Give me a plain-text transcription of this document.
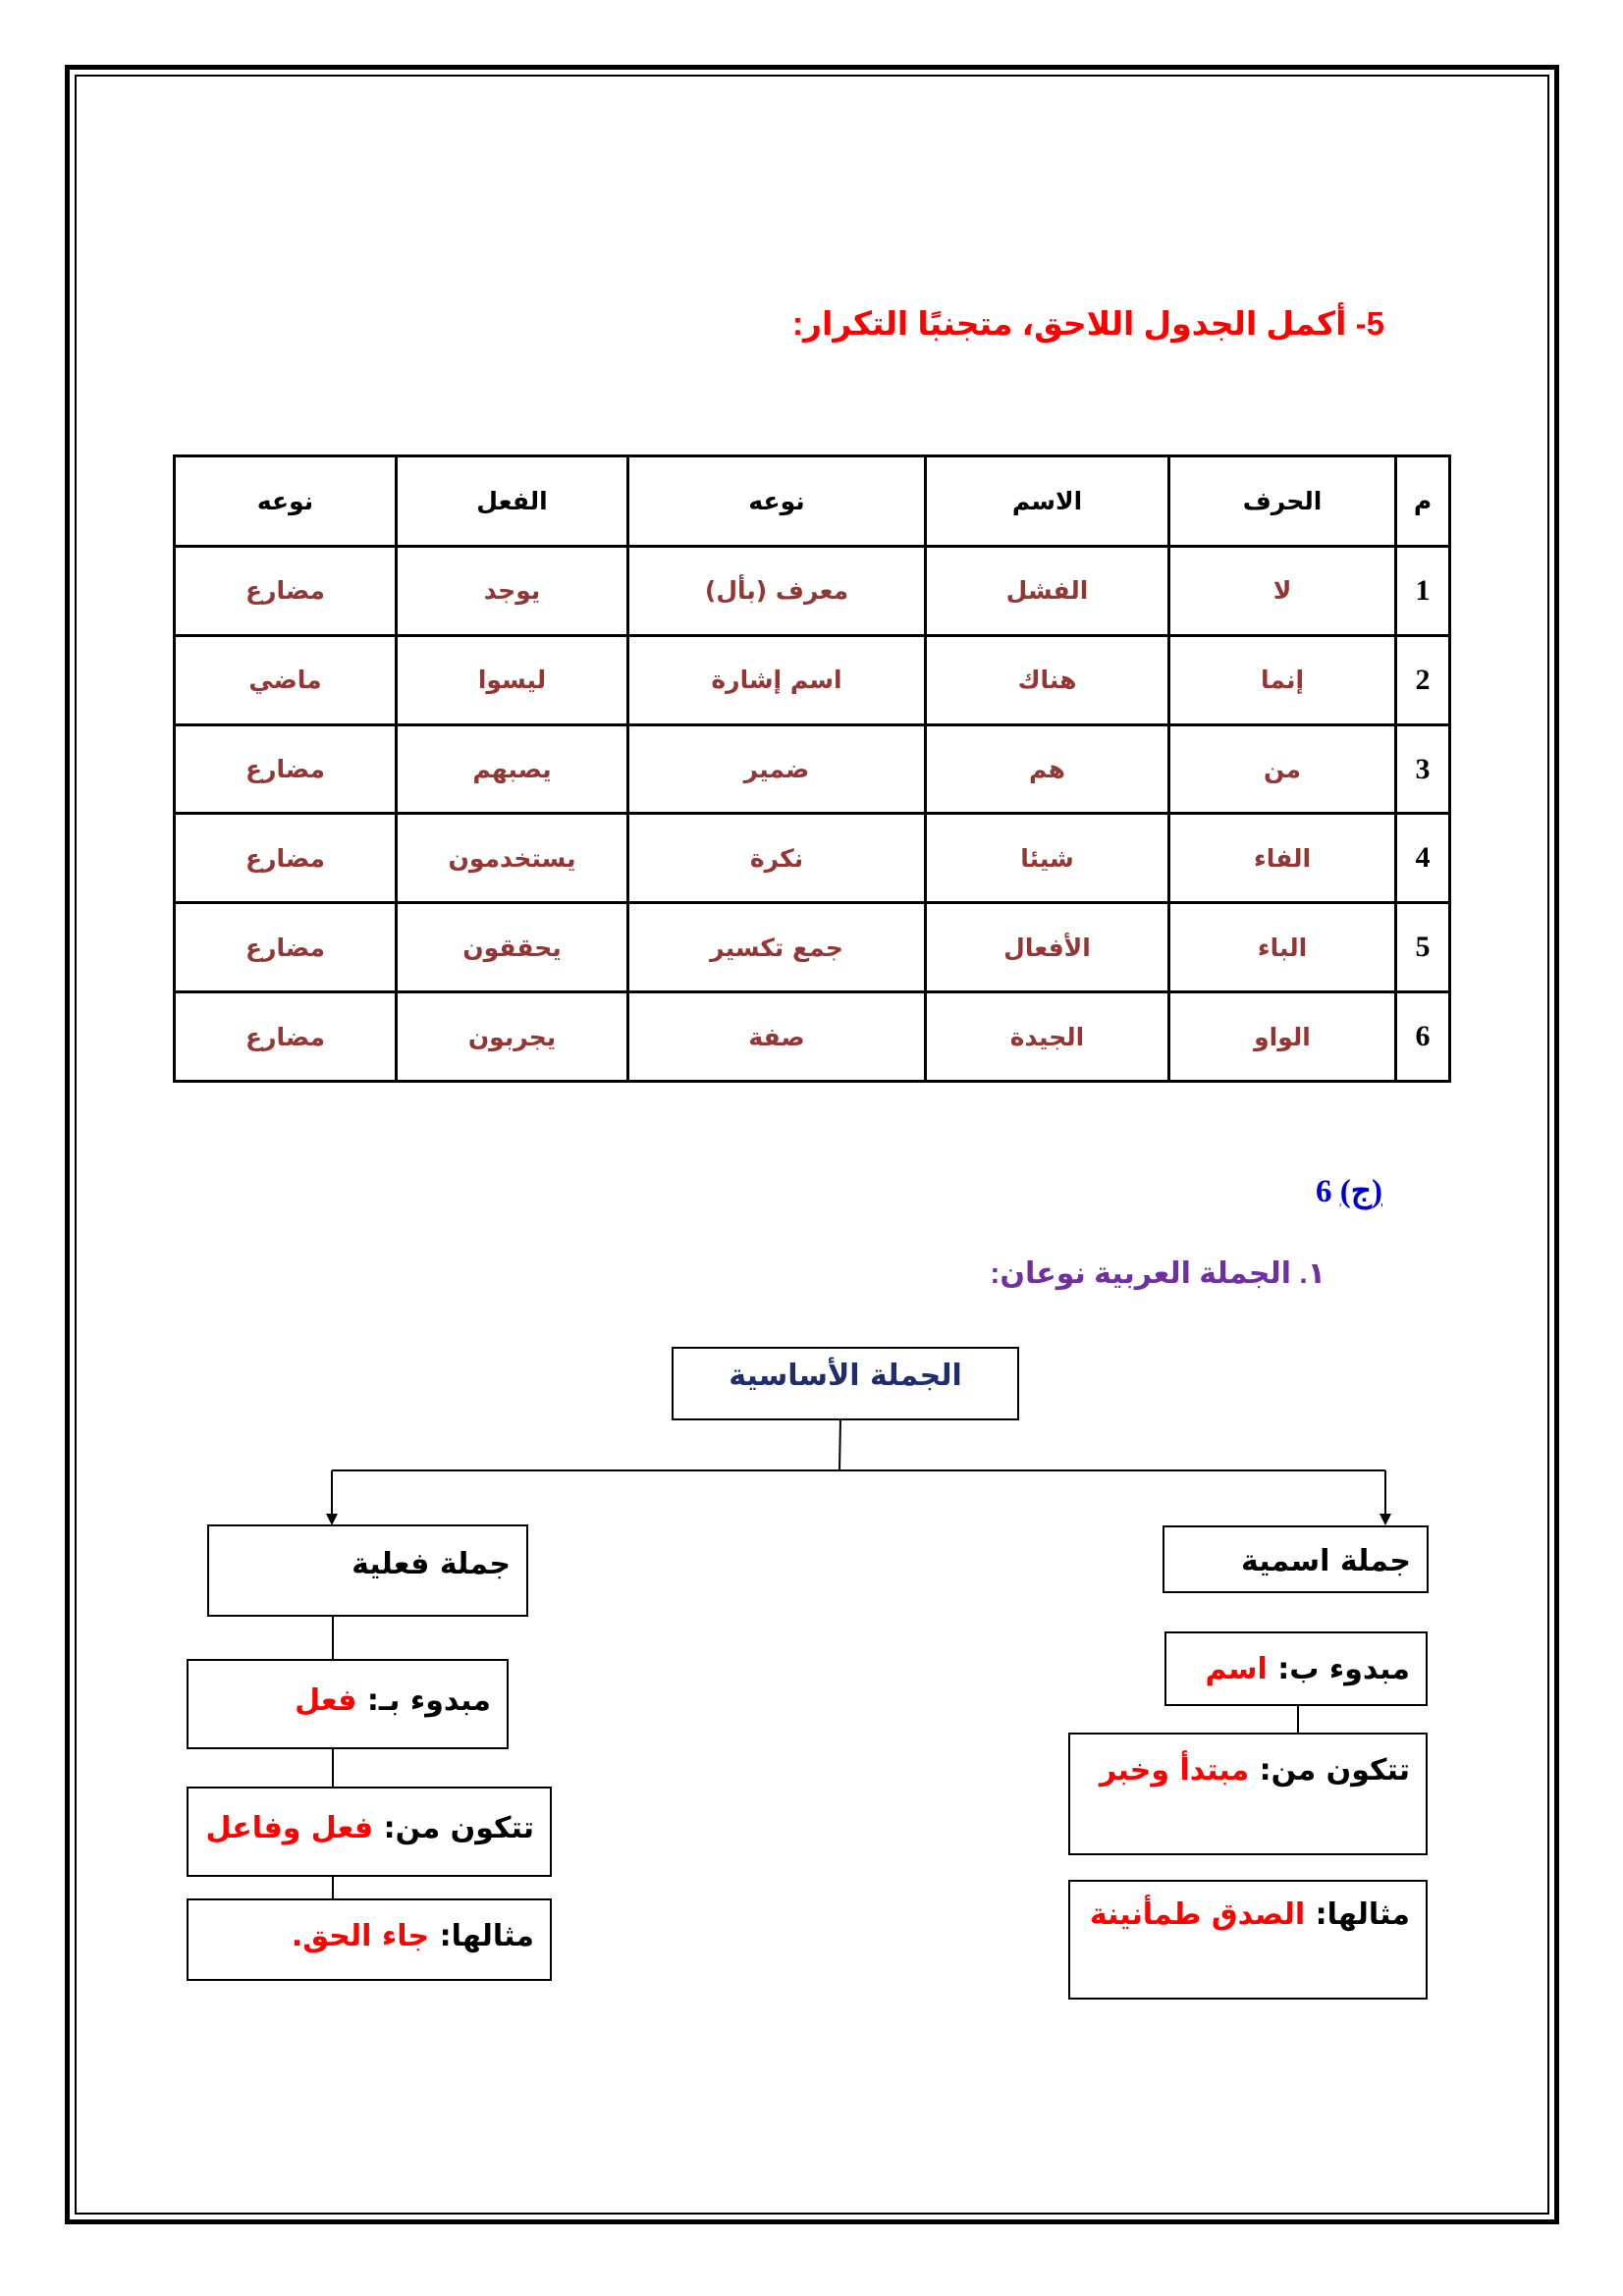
5- أكمل الجدول اللاحق، متجنبًا التكرار:
م	الحرف	الاسم	نوعه	الفعل	نوعه
1	لا	الفشل	معرف (بأل)	يوجد	مضارع
2	إنما	هناك	اسم إشارة	ليسوا	ماضي
3	من	هم	ضمير	يصبهم	مضارع
4	الفاء	شيئا	نكرة	يستخدمون	مضارع
5	الباء	الأفعال	جمع تكسير	يحققون	مضارع
6	الواو	الجيدة	صفة	يجربون	مضارع
(ج) 6
١. الجملة العربية نوعان:
الجملة الأساسية
جملة اسمية
مبدوء ب: اسم
تتكون من: مبتدأ وخبر
مثالها: الصدق طمأنينة
جملة فعلية
مبدوء بـ: فعل
تتكون من: فعل وفاعل
مثالها: جاء الحق.
